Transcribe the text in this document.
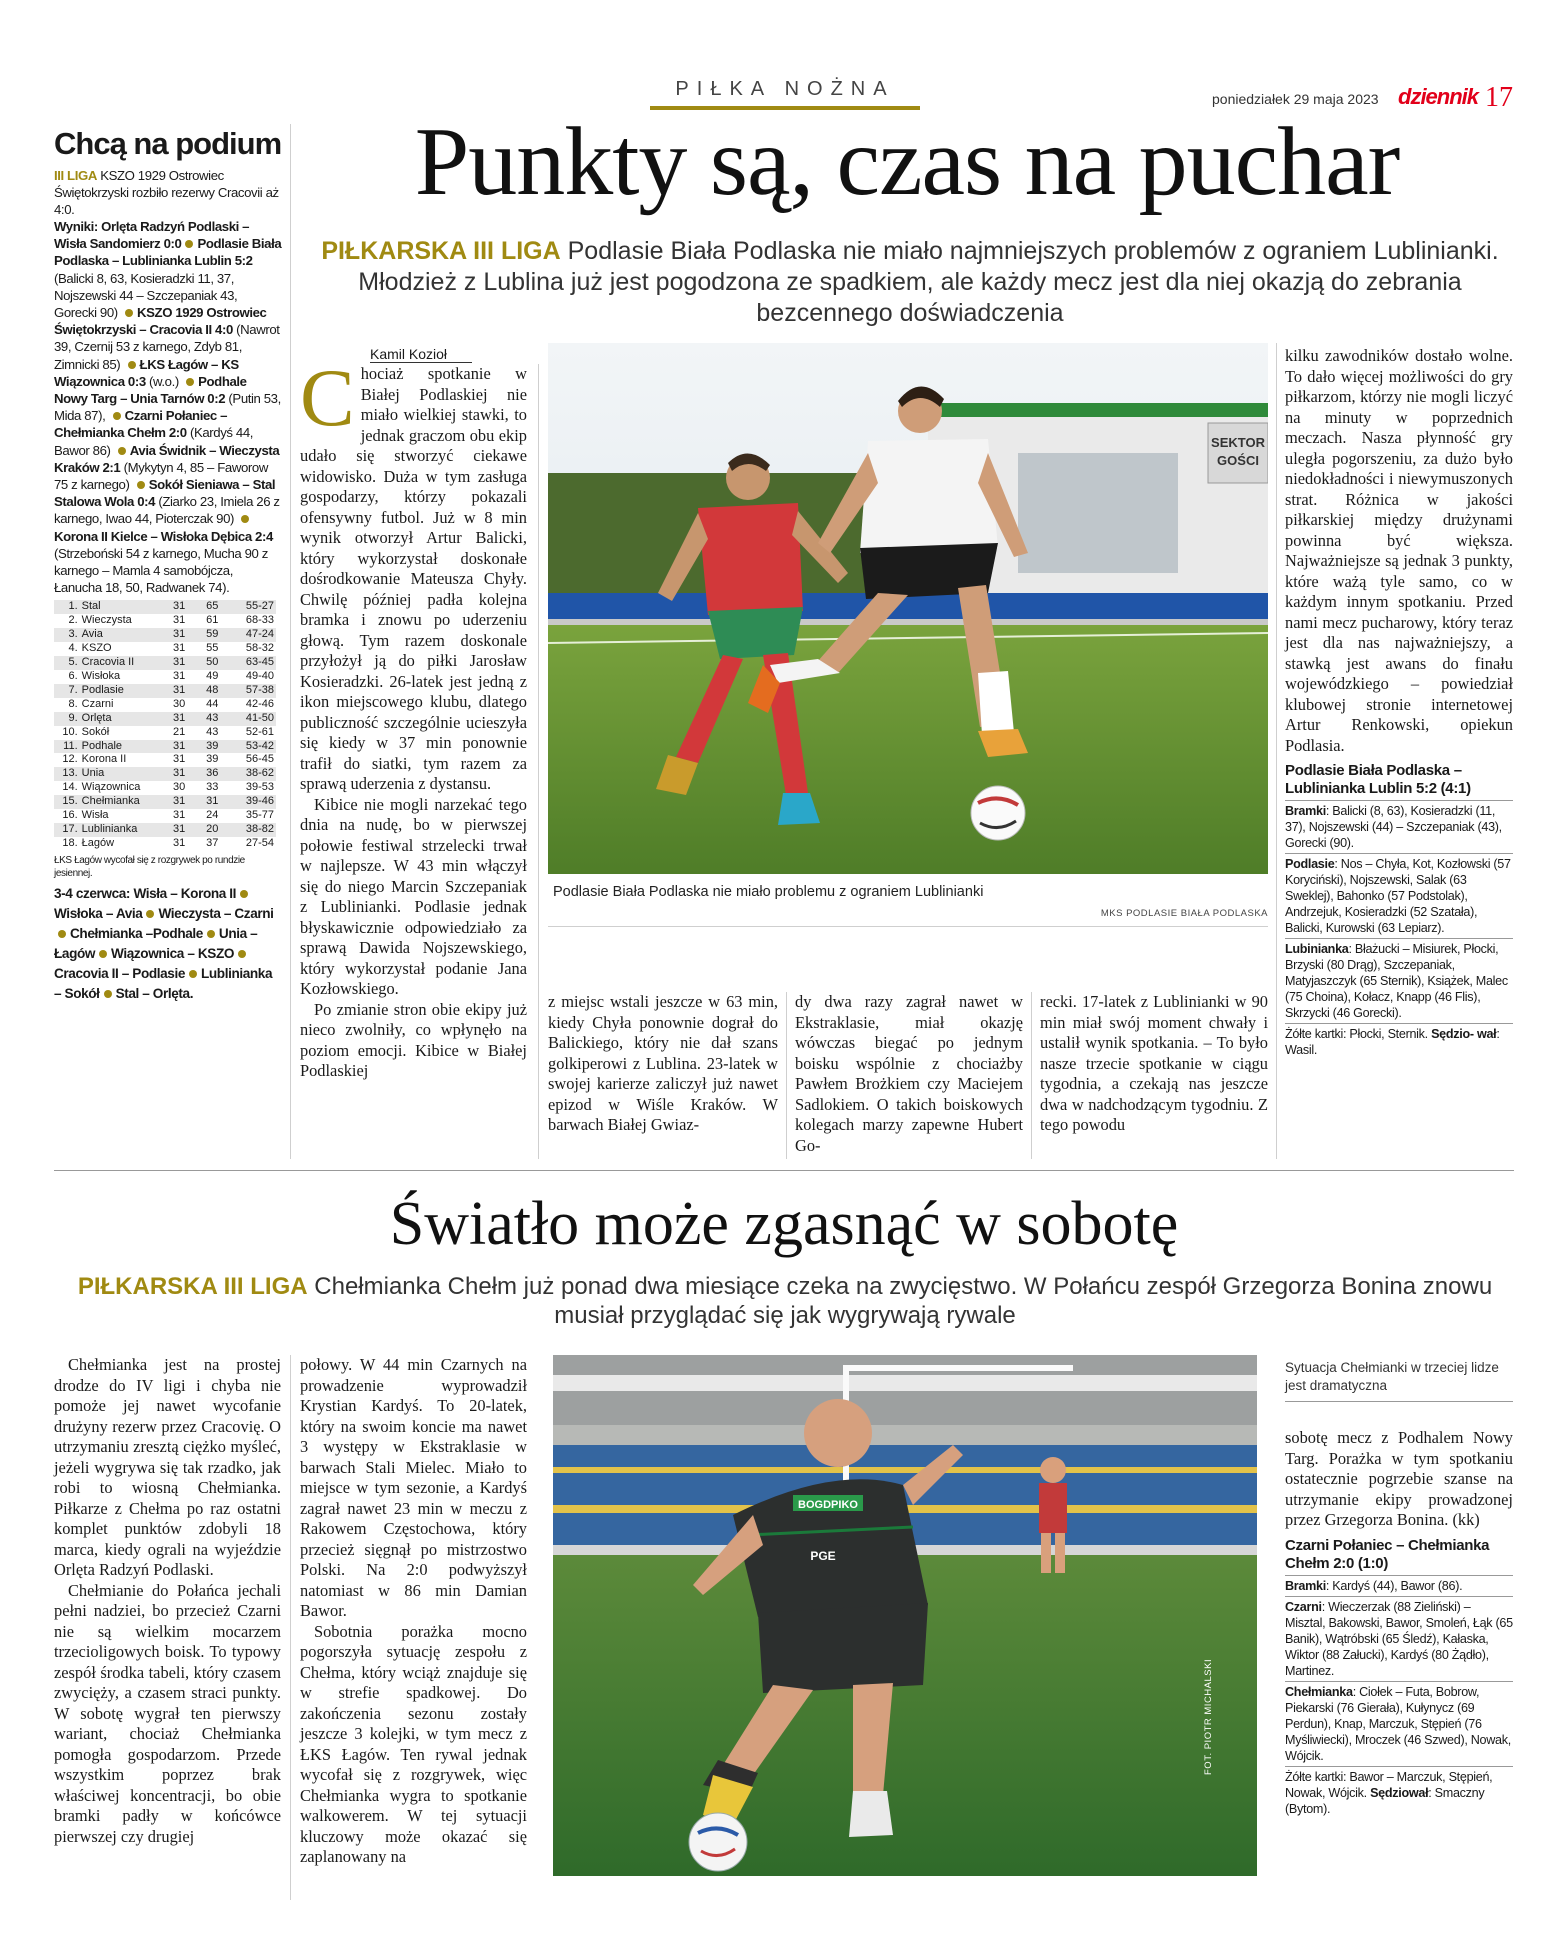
PIŁKA NOŻNA	poniedziałek 29 maja 2023 dziennik 17
Chcą na podium
III LIGA KSZO 1929 Ostrowiec Świętokrzyski rozbiło rezerwy Cracovii aż 4:0.
Wyniki: Orlęta Radzyń Podlaski – Wisła Sandomierz 0:0 Podlasie Biała Podlaska – Lublinianka Lublin 5:2 (Balicki 8, 63, Kosieradzki 11, 37, Nojszewski 44 – Szczepaniak 43, Gorecki 90) KSZO 1929 Ostrowiec Świętokrzyski – Cracovia II 4:0 (Nawrot 39, Czernij 53 z karnego, Zdyb 81, Zimnicki 85) ŁKS Łagów – KS Wiązownica 0:3 (w.o.) Podhale Nowy Targ – Unia Tarnów 0:2 (Putin 53, Mida 87), Czarni Połaniec – Chełmianka Chełm 2:0 (Kardyś 44, Bawor 86) Avia Świdnik – Wieczysta Kraków 2:1 (Mykytyn 4, 85 – Faworow 75 z karnego) Sokół Sieniawa – Stal Stalowa Wola 0:4 (Ziarko 23, Imiela 26 z karnego, Iwao 44, Pioterczak 90) Korona II Kielce – Wisłoka Dębica 2:4 (Strzeboński 54 z karnego, Mucha 90 z karnego – Mamla 4 samobójcza, Łanucha 18, 50, Radwanek 74).
1.	Stal	31	65	55-27
2.	Wieczysta	31	61	68-33
3.	Avia	31	59	47-24
4.	KSZO	31	55	58-32
5.	Cracovia II	31	50	63-45
6.	Wisłoka	31	49	49-40
7.	Podlasie	31	48	57-38
8.	Czarni	30	44	42-46
9.	Orlęta	31	43	41-50
10.	Sokół	21	43	52-61
11.	Podhale	31	39	53-42
12.	Korona II	31	39	56-45
13.	Unia	31	36	38-62
14.	Wiązownica	30	33	39-53
15.	Chełmianka	31	31	39-46
16.	Wisła	31	24	35-77
17.	Lublinianka	31	20	38-82
18.	Łagów	31	37	27-54
ŁKS Łagów wycofał się z rozgrywek po rundzie jesiennej.
3-4 czerwca: Wisła – Korona IIWisłoka – Avia Wieczysta – CzarniChełmianka –Podhale Unia – Łagów Wiązownica – KSZOCracovia II – Podlasie Lublinianka – Sokół Stal – Orlęta.
Punkty są, czas na puchar
PIŁKARSKA III LIGA Podlasie Biała Podlaska nie miało najmniejszych problemów z ograniem Lublinianki. Młodzież z Lublina już jest pogodzona ze spadkiem, ale każdy mecz jest dla niej okazją do zebrania bezcennego doświadczenia
Kamil Kozioł

Chociaż spotkanie w Białej Podlaskiej nie miało wielkiej stawki, to jednak graczom obu ekip udało się stworzyć ciekawe widowisko. Duża w tym zasługa gospodarzy, którzy pokazali ofensywny futbol. Już w 8 min wynik otworzył Artur Balicki, który wykorzystał doskonałe dośrodkowanie Mateusza Chyły. Chwilę później padła kolejna bramka i znowu po uderzeniu głową. Tym razem doskonale przyłożył ją do piłki Jarosław Kosieradzki. 26-latek jest jedną z ikon miejscowego klubu, dlatego publiczność szczególnie ucieszyła się kiedy w 37 min ponownie trafił do siatki, tym razem za sprawą uderzenia z dystansu.

Kibice nie mogli narzekać tego dnia na nudę, bo w pierwszej połowie festiwal strzelecki trwał w najlepsze. W 43 min włączył się do niego Marcin Szczepaniak z Lublinianki. Podlasie jednak błyskawicznie odpowiedziało za sprawą Dawida Nojszewskiego, który wykorzystał podanie Jana Kozłowskiego.

Po zmianie stron obie ekipy już nieco zwolniły, co wpłynęło na poziom emocji. Kibice w Białej Podlaskiej

SEKTOR
GOŚCI
Podlasie Biała Podlaska nie miało problemu z ograniem Lublinianki
MKS PODLASIE BIAŁA PODLASKA

z miejsc wstali jeszcze w 63 min, kiedy Chyła ponownie dograł do Balickiego, który nie dał szans golkiperowi z Lublina. 23-latek w swojej karierze zaliczył już nawet epizod w Wiśle Kraków. W barwach Białej Gwiaz-

dy dwa razy zagrał nawet w Ekstraklasie, miał okazję wówczas biegać po jednym boisku wspólnie z chociażby Pawłem Brożkiem czy Maciejem Sadlokiem. O takich boiskowych kolegach marzy zapewne Hubert Go-

recki. 17-latek z Lublinianki w 90 min miał swój moment chwały i ustalił wynik spotkania. – To było nasze trzecie spotkanie w ciągu tygodnia, a czekają nas jeszcze dwa w nadchodzącym tygodniu. Z tego powodu

kilku zawodników dostało wolne. To dało więcej możliwości do gry piłkarzom, którzy nie mogli liczyć na minuty w poprzednich meczach. Nasza płynność gry uległa pogorszeniu, za dużo było niedokładności i niewymuszonych strat. Różnica w jakości piłkarskiej między drużynami powinna być większa. Najważniejsze są jednak 3 punkty, które ważą tyle samo, co w każdym innym spotkaniu. Przed nami mecz pucharowy, który teraz jest dla nas najważniejszy, a stawką jest awans do finału wojewódzkiego – powiedział klubowej stronie internetowej Artur Renkowski, opiekun Podlasia.

Podlasie Biała Podlaska – Lublinianka Lublin 5:2 (4:1)
Bramki: Balicki (8, 63), Kosieradzki (11, 37), Nojszewski (44) – Szczepaniak (43), Gorecki (90).
Podlasie: Nos – Chyła, Kot, Kozłowski (57 Koryciński), Nojszewski, Salak (63 Sweklej), Bahonko (57 Podstolak), Andrzejuk, Kosieradzki (52 Szatała), Balicki, Kurowski (63 Lepiarz).
Lubinianka: Błażucki – Misiurek, Płocki, Brzyski (80 Drąg), Szczepaniak, Matyjaszczyk (65 Sternik), Książek, Malec (75 Choina), Kołacz, Knapp (46 Flis), Skrzycki (46 Gorecki).
Żółte kartki: Płocki, Sternik. Sędzio- wał: Wasil.
Światło może zgasnąć w sobotę
PIŁKARSKA III LIGA Chełmianka Chełm już ponad dwa miesiące czeka na zwycięstwo. W Połańcu zespół Grzegorza Bonina znowu musiał przyglądać się jak wygrywają rywale

Chełmianka jest na prostej drodze do IV ligi i chyba nie pomoże jej nawet wycofanie drużyny rezerw przez Cracovię. O utrzymaniu zresztą ciężko myśleć, jeżeli wygrywa się tak rzadko, jak robi to wiosną Chełmianka. Piłkarze z Chełma po raz ostatni komplet punktów zdobyli 18 marca, kiedy ograli na wyjeździe Orlęta Radzyń Podlaski.

Chełmianie do Połańca jechali pełni nadziei, bo przecież Czarni nie są wielkim mocarzem trzecioligowych boisk. To typowy zespół środka tabeli, który czasem zwycięży, a czasem straci punkty. W sobotę wygrał ten pierwszy wariant, chociaż Chełmianka pomogła gospodarzom. Przede wszystkim poprzez brak właściwej koncentracji, bo obie bramki padły w końcówce pierwszej czy drugiej

połowy. W 44 min Czarnych na prowadzenie wyprowadził Krystian Kardyś. To 20-latek, który na swoim koncie ma nawet 3 występy w Ekstraklasie w barwach Stali Mielec. Miało to miejsce w tym sezonie, a Kardyś zagrał nawet 23 min w meczu z Rakowem Częstochowa, który przecież sięgnął po mistrzostwo Polski. Na 2:0 podwyższył natomiast w 86 min Damian Bawor.

Sobotnia porażka mocno pogorszyła sytuację zespołu z Chełma, który wciąż znajduje się w strefie spadkowej. Do zakończenia sezonu zostały jeszcze 3 kolejki, w tym mecz z ŁKS Łagów. Ten rywal jednak wycofał się z rozgrywek, więc Chełmianka wygra to spotkanie walkowerem. W tej sytuacji kluczowy może okazać się zaplanowany na

BOGDPIKO
PGE
FOT. PIOTR MICHALSKI
Sytuacja Chełmianki w trzeciej lidze jest dramatyczna

sobotę mecz z Podhalem Nowy Targ. Porażka w tym spotkaniu ostatecznie pogrzebie szanse na utrzymanie ekipy prowadzonej przez Grzegorza Bonina. (kk)

Czarni Połaniec – Chełmianka Chełm 2:0 (1:0)
Bramki: Kardyś (44), Bawor (86).
Czarni: Wieczerzak (88 Zieliński) – Misztal, Bakowski, Bawor, Smoleń, Łąk (65 Banik), Wątróbski (65 Śledź), Kałaska, Wiktor (88 Załucki), Kardyś (80 Żądło), Martinez.
Chełmianka: Ciołek – Futa, Bobrow, Piekarski (76 Gierała), Kułynycz (69 Perdun), Knap, Marczuk, Stępień (76 Myśliwiecki), Mroczek (46 Szwed), Nowak, Wójcik.
Żółte kartki: Bawor – Marczuk, Stępień, Nowak, Wójcik. Sędziował: Smaczny (Bytom).
